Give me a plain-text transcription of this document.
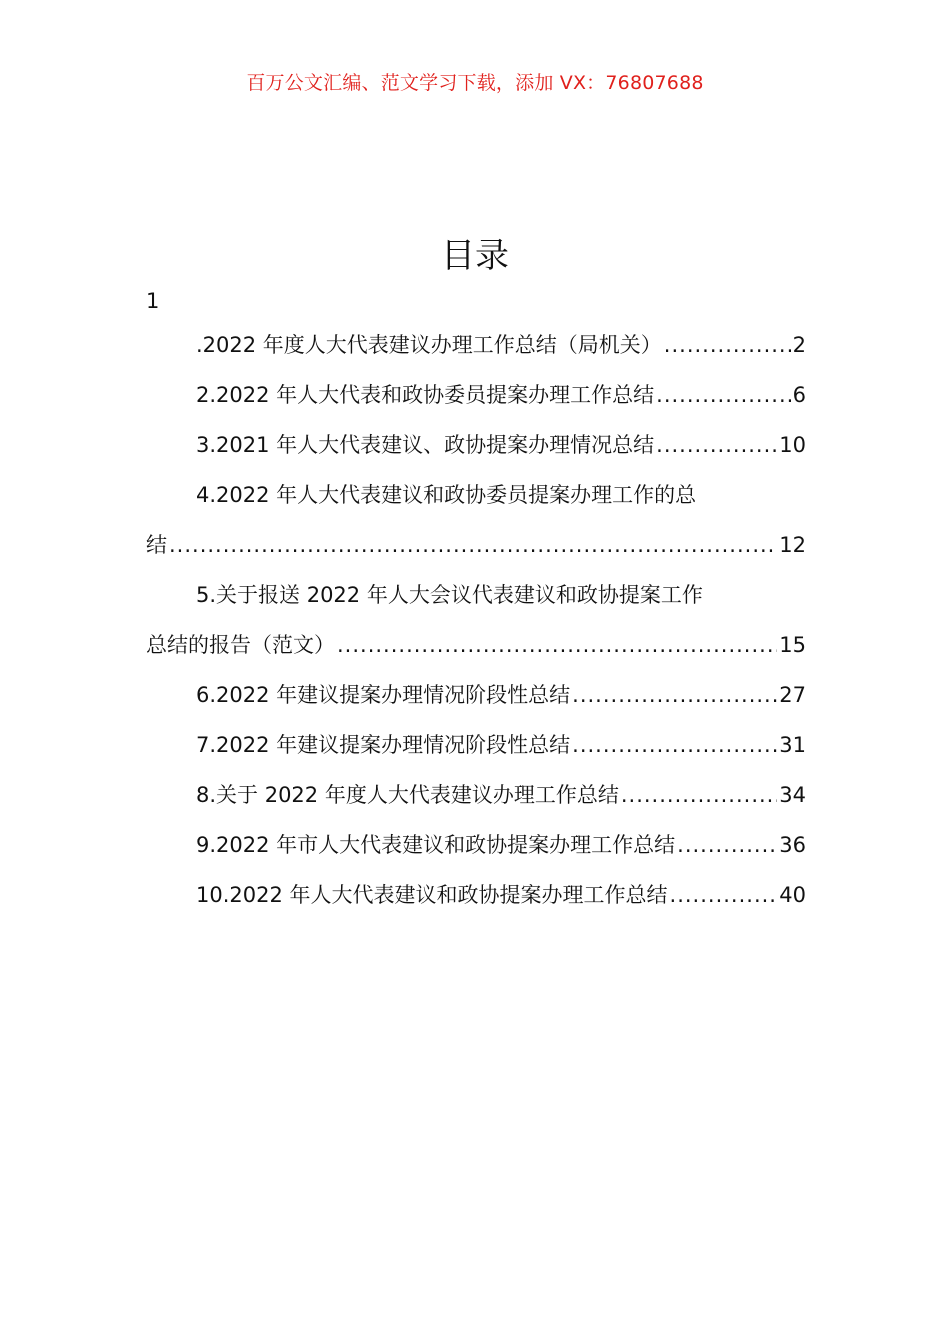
百万公文汇编、范文学习下载，添加 VX：76807688
目录
1
.2022 年度人大代表建议办理工作总结（局机关） .....	2
2.2022 年人大代表和政协委员提案办理工作总结 .....	6
3.2021 年人大代表建议、政协提案办理情况总结 .....	10
4.2022 年人大代表建议和政协委员提案办理工作的总
结 .....	12
5.关于报送 2022 年人大会议代表建议和政协提案工作
总结的报告（范文） .....	15
6.2022 年建议提案办理情况阶段性总结 .....	27
7.2022 年建议提案办理情况阶段性总结 .....	31
8.关于 2022 年度人大代表建议办理工作总结 .....	34
9.2022 年市人大代表建议和政协提案办理工作总结 .....	36
10.2022 年人大代表建议和政协提案办理工作总结 .....	40
